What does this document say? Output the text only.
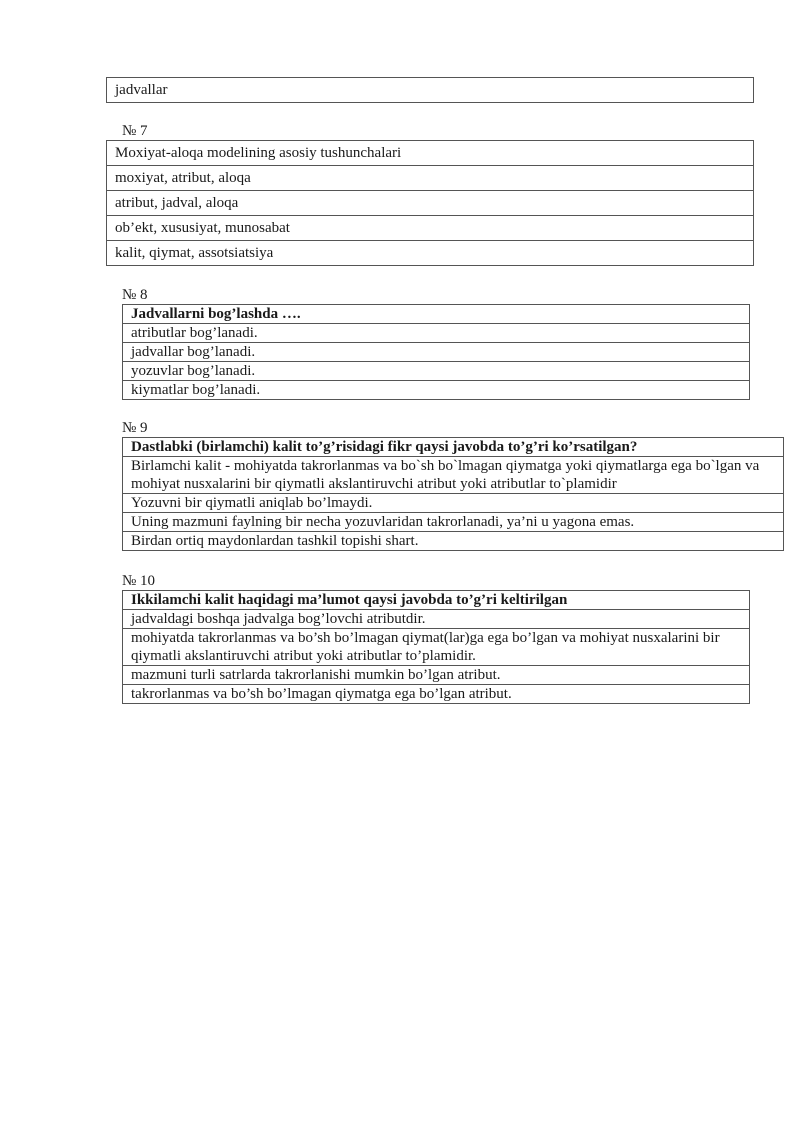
jadvallar
№ 7
Moxiyat-aloqa modelining asosiy tushunchalari
moxiyat, atribut, aloqa
atribut, jadval, aloqa
ob’ekt, xususiyat, munosabat
kalit, qiymat, assotsiatsiya
№ 8
Jadvallarni bog’lashda ….
atributlar bog’lanadi.
jadvallar bog’lanadi.
yozuvlar bog’lanadi.
kiymatlar bog’lanadi.
№ 9
Dastlabki (birlamchi) kalit to’g’risidagi fikr qaysi javobda to’g’ri ko’rsatilgan?
Birlamchi kalit - mohiyatda takrorlanmas va bo`sh bo`lmagan qiymatga yoki qiymatlarga ega bo`lgan va mohiyat nusxalarini bir qiymatli akslantiruvchi atribut yoki atributlar to`plamidir
Yozuvni bir qiymatli aniqlab bo’lmaydi.
Uning mazmuni faylning bir necha yozuvlaridan takrorlanadi, ya’ni u yagona emas.
Birdan ortiq maydonlardan tashkil topishi shart.
№ 10
Ikkilamchi kalit haqidagi ma’lumot qaysi javobda to’g’ri keltirilgan
jadvaldagi boshqa jadvalga bog’lovchi atributdir.
mohiyatda takrorlanmas va bo’sh bo’lmagan qiymat(lar)ga ega bo’lgan va mohiyat nusxalarini bir qiymatli akslantiruvchi atribut yoki atributlar to’plamidir.
mazmuni turli satrlarda takrorlanishi mumkin bo’lgan atribut.
takrorlanmas va bo’sh bo’lmagan qiymatga ega bo’lgan atribut.
